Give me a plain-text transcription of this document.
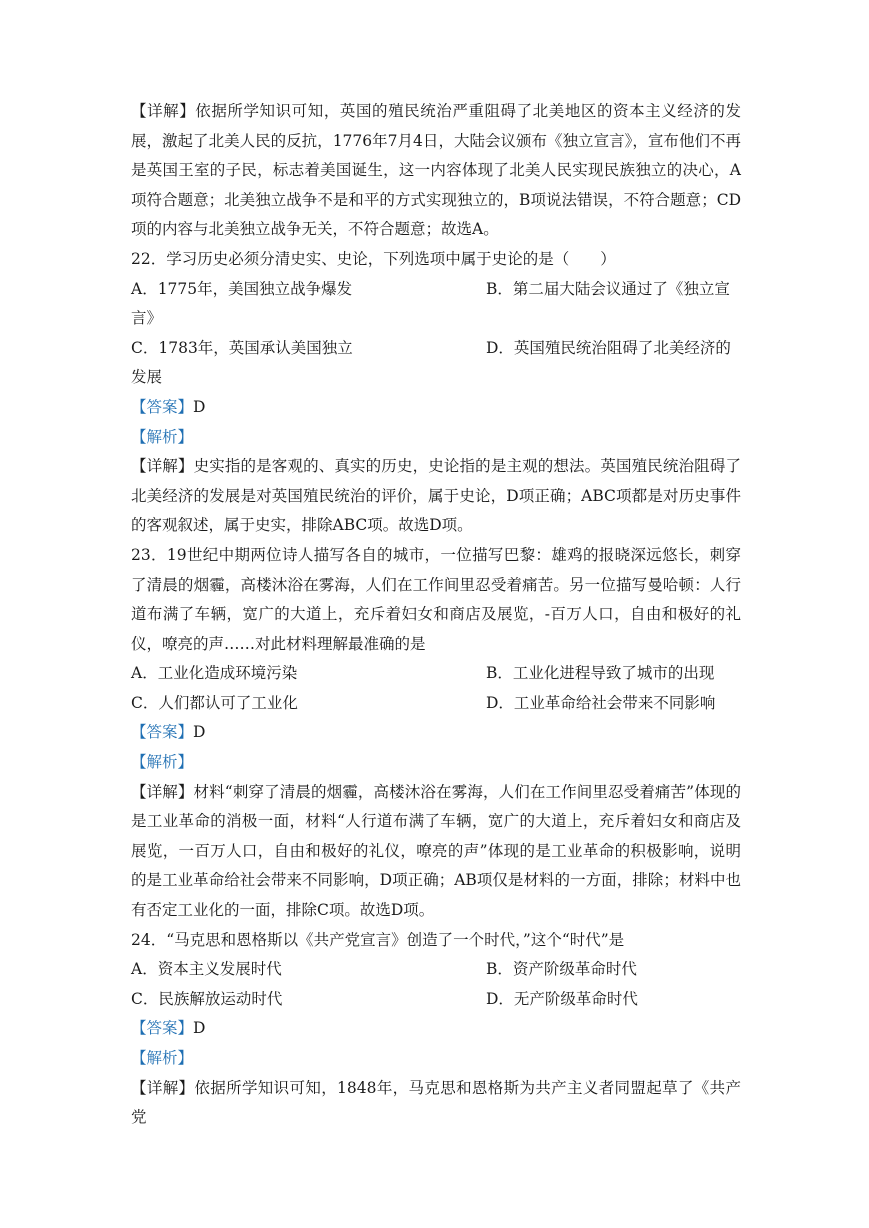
【详解】依据所学知识可知，英国的殖民统治严重阻碍了北美地区的资本主义经济的发展，激起了北美人民的反抗，1776年7月4日，大陆会议颁布《独立宣言》，宣布他们不再是英国王室的子民，标志着美国诞生，这一内容体现了北美人民实现民族独立的决心，A项符合题意；北美独立战争不是和平的方式实现独立的，B项说法错误，不符合题意；CD项的内容与北美独立战争无关，不符合题意；故选A。

22．学习历史必须分清史实、史论，下列选项中属于史论的是（　　）

A．1775年，美国独立战争爆发	B．第二届大陆会议通过了《独立宣
言》
C．1783年，英国承认美国独立	D．英国殖民统治阻碍了北美经济的
发展

【答案】D

【解析】

【详解】史实指的是客观的、真实的历史，史论指的是主观的想法。英国殖民统治阻碍了北美经济的发展是对英国殖民统治的评价，属于史论，D项正确；ABC项都是对历史事件的客观叙述，属于史实，排除ABC项。故选D项。

23．19世纪中期两位诗人描写各自的城市，一位描写巴黎：雄鸡的报晓深远悠长，刺穿了清晨的烟霾，高楼沐浴在雾海，人们在工作间里忍受着痛苦。另一位描写曼哈顿：人行道布满了车辆，宽广的大道上，充斥着妇女和商店及展览，-百万人口，自由和极好的礼仪，嘹亮的声……对此材料理解最准确的是

A．工业化造成环境污染	B．工业化进程导致了城市的出现
C．人们都认可了工业化	D．工业革命给社会带来不同影响

【答案】D

【解析】

【详解】材料“刺穿了清晨的烟霾，高楼沐浴在雾海，人们在工作间里忍受着痛苦”体现的是工业革命的消极一面，材料“人行道布满了车辆，宽广的大道上，充斥着妇女和商店及展览，一百万人口，自由和极好的礼仪，嘹亮的声”体现的是工业革命的积极影响，说明的是工业革命给社会带来不同影响，D项正确；AB项仅是材料的一方面，排除；材料中也有否定工业化的一面，排除C项。故选D项。

24．“马克思和恩格斯以《共产党宣言》创造了一个时代，”这个“时代”是

A．资本主义发展时代	B．资产阶级革命时代
C．民族解放运动时代	D．无产阶级革命时代

【答案】D

【解析】

【详解】依据所学知识可知，1848年，马克思和恩格斯为共产主义者同盟起草了《共产党
